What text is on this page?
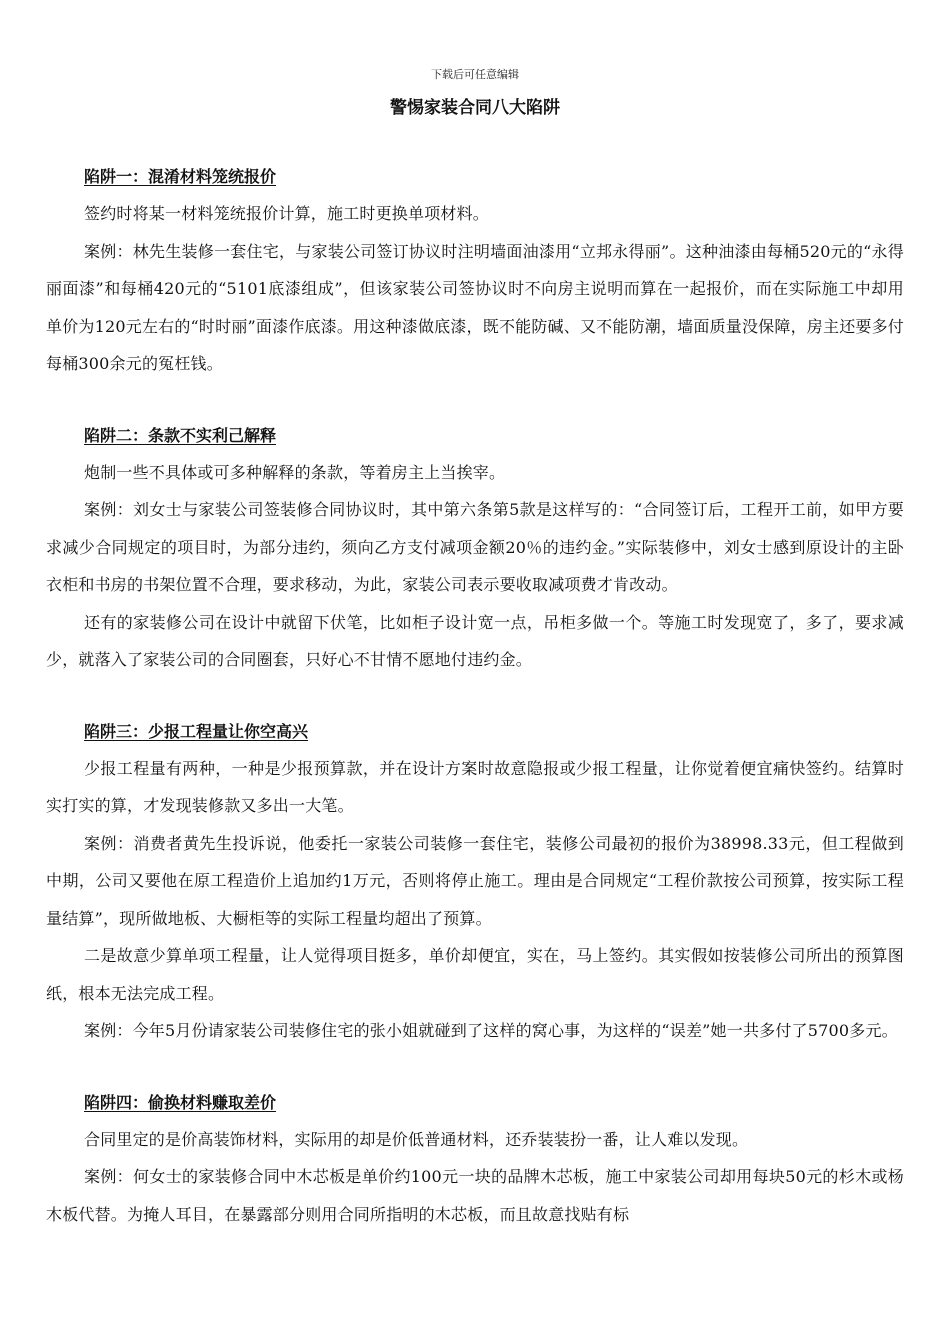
下载后可任意编辑
警惕家装合同八大陷阱

陷阱一：混淆材料笼统报价

签约时将某一材料笼统报价计算，施工时更换单项材料。

案例：林先生装修一套住宅，与家装公司签订协议时注明墙面油漆用“立邦永得丽”。这种油漆由每桶520元的“永得丽面漆”和每桶420元的“5101底漆组成”，但该家装公司签协议时不向房主说明而算在一起报价，而在实际施工中却用单价为120元左右的“时时丽”面漆作底漆。用这种漆做底漆，既不能防碱、又不能防潮，墙面质量没保障，房主还要多付每桶300余元的冤枉钱。

陷阱二：条款不实利己解释

炮制一些不具体或可多种解释的条款，等着房主上当挨宰。

案例：刘女士与家装公司签装修合同协议时，其中第六条第5款是这样写的：“合同签订后，工程开工前，如甲方要求减少合同规定的项目时，为部分违约，须向乙方支付减项金额20％的违约金。”实际装修中，刘女士感到原设计的主卧衣柜和书房的书架位置不合理，要求移动，为此，家装公司表示要收取减项费才肯改动。

还有的家装修公司在设计中就留下伏笔，比如柜子设计宽一点，吊柜多做一个。等施工时发现宽了，多了，要求减少，就落入了家装公司的合同圈套，只好心不甘情不愿地付违约金。

陷阱三：少报工程量让你空高兴

少报工程量有两种，一种是少报预算款，并在设计方案时故意隐报或少报工程量，让你觉着便宜痛快签约。结算时实打实的算，才发现装修款又多出一大笔。

案例：消费者黄先生投诉说，他委托一家装公司装修一套住宅，装修公司最初的报价为38998.33元，但工程做到中期，公司又要他在原工程造价上追加约1万元，否则将停止施工。理由是合同规定“工程价款按公司预算，按实际工程量结算”，现所做地板、大橱柜等的实际工程量均超出了预算。

二是故意少算单项工程量，让人觉得项目挺多，单价却便宜，实在，马上签约。其实假如按装修公司所出的预算图纸，根本无法完成工程。

案例：今年5月份请家装公司装修住宅的张小姐就碰到了这样的窝心事，为这样的“误差”她一共多付了5700多元。

陷阱四：偷换材料赚取差价

合同里定的是价高装饰材料，实际用的却是价低普通材料，还乔装装扮一番，让人难以发现。

案例：何女士的家装修合同中木芯板是单价约100元一块的品牌木芯板，施工中家装公司却用每块50元的杉木或杨木板代替。为掩人耳目，在暴露部分则用合同所指明的木芯板，而且故意找贴有标
